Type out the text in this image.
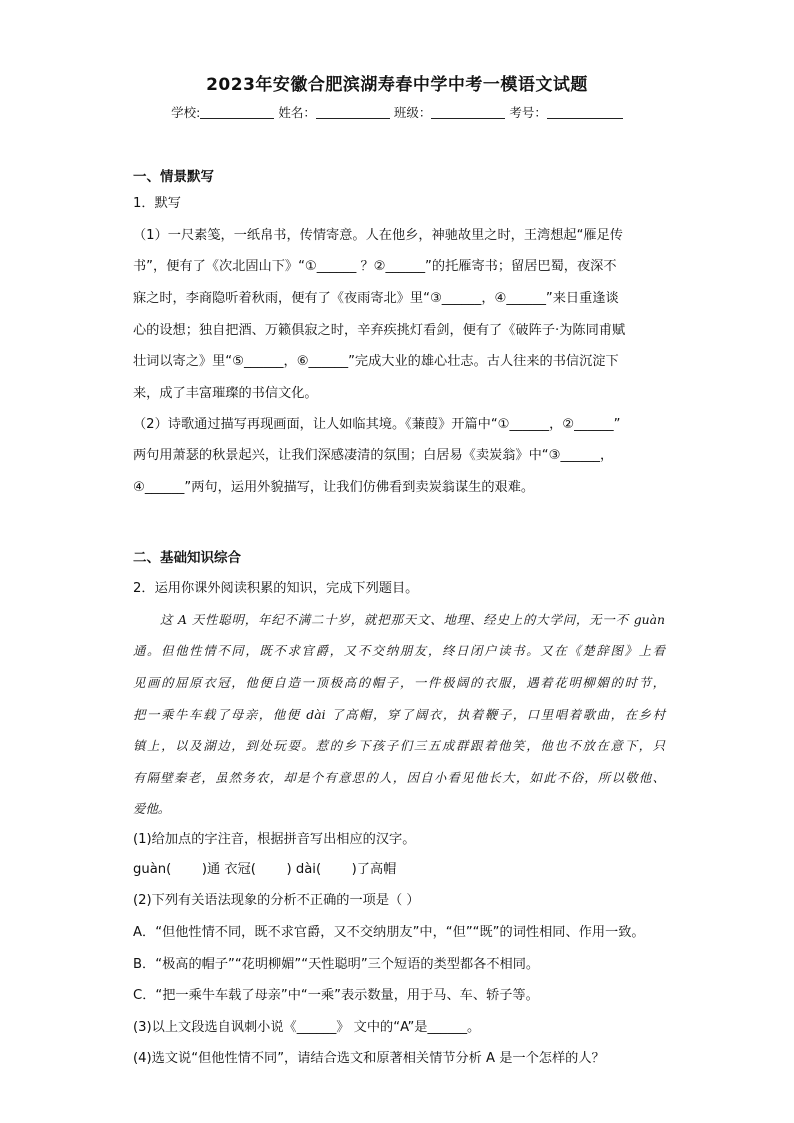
2023年安徽合肥滨湖寿春中学中考一模语文试题
学校:	姓名：	班级：	考号：
一、情景默写
1．默写
（1）一尺素笺，一纸帛书，传情寄意。人在他乡，神驰故里之时，王湾想起“雁足传
书”，便有了《次北固山下》“①______ ？②______”的托雁寄书；留居巴蜀，夜深不
寐之时，李商隐听着秋雨，便有了《夜雨寄北》里“③______，④______”来日重逢谈
心的设想；独自把酒、万籁俱寂之时，辛弃疾挑灯看剑，便有了《破阵子·为陈同甫赋
壮词以寄之》里“⑤______，⑥______”完成大业的雄心壮志。古人往来的书信沉淀下
来，成了丰富璀璨的书信文化。
（2）诗歌通过描写再现画面，让人如临其境。《蒹葭》开篇中“①______，②______”
两句用萧瑟的秋景起兴，让我们深感凄清的氛围；白居易《卖炭翁》中“③______，
④______”两句，运用外貌描写，让我们仿佛看到卖炭翁谋生的艰难。
二、基础知识综合
2．运用你课外阅读积累的知识，完成下列题目。
这 A 天性聪明，年纪不满二十岁，就把那天文、地理、经史上的大学问，无一不 guàn
通。但他性情不同，既不求官爵，又不交纳朋友，终日闭户读书。又在《楚辞图》上看
见画的屈原衣冠，他便自造一顶极高的帽子，一件极阔的衣服，遇着花明柳媚的时节，
把一乘牛车载了母亲，他便 dài 了高帽，穿了阔衣，执着鞭子，口里唱着歌曲，在乡村
镇上，以及湖边，到处玩耍。惹的乡下孩子们三五成群跟着他笑，他也不放在意下，只
有隔壁秦老，虽然务农，却是个有意思的人，因自小看见他长大，如此不俗，所以敬他、
爱他。
(1)给加点的字注音，根据拼音写出相应的汉字。
guàn(　　 )通 衣冠(　　 ) dài(　　 )了高帽
(2)下列有关语法现象的分析不正确的一项是（ ）
A．“但他性情不同，既不求官爵，又不交纳朋友”中，“但”“既”的词性相同、作用一致。
B．“极高的帽子”“花明柳媚”“天性聪明”三个短语的类型都各不相同。
C．“把一乘牛车载了母亲”中“一乘”表示数量，用于马、车、轿子等。
(3)以上文段选自讽刺小说《______》 文中的“A”是______。
(4)选文说“但他性情不同”，请结合选文和原著相关情节分析 A 是一个怎样的人？
